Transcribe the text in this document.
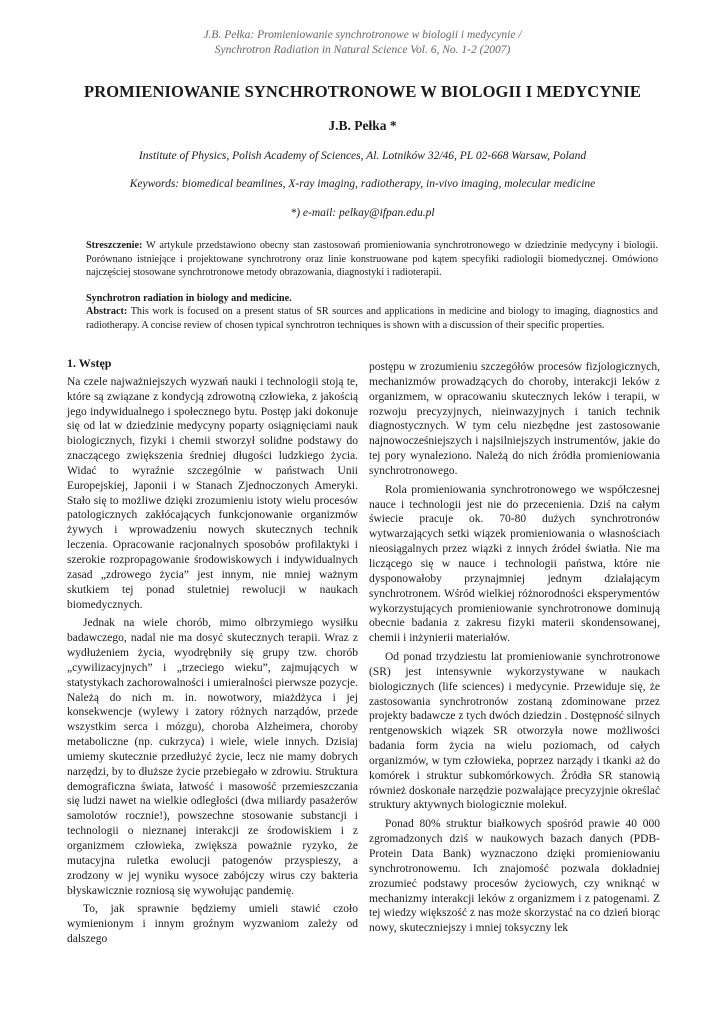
J.B. Pełka: Promieniowanie synchrotronowe w biologii i medycynie /
Synchrotron Radiation in Natural Science Vol. 6, No. 1-2 (2007)
PROMIENIOWANIE SYNCHROTRONOWE W BIOLOGII I MEDYCYNIE
J.B. Pełka *
Institute of Physics, Polish Academy of Sciences, Al. Lotników 32/46, PL 02-668 Warsaw, Poland
Keywords: biomedical beamlines, X-ray imaging, radiotherapy, in-vivo imaging, molecular medicine
*) e-mail: pelkay@ifpan.edu.pl
Streszczenie: W artykule przedstawiono obecny stan zastosowań promieniowania synchrotronowego w dziedzinie medycyny i biologii. Porównano istniejące i projektowane synchrotrony oraz linie konstruowane pod kątem specyfiki radiologii biomedycznej. Omówiono najczęściej stosowane synchrotronowe metody obrazowania, diagnostyki i radioterapii.
Synchrotron radiation in biology and medicine.
Abstract: This work is focused on a present status of SR sources and applications in medicine and biology to imaging, diagnostics and radiotherapy. A concise review of chosen typical synchrotron techniques is shown with a discussion of their specific properties.
1. Wstęp

Na czele najważniejszych wyzwań nauki i technologii stoją te, które są związane z kondycją zdrowotną człowieka, z jakością jego indywidualnego i społecznego bytu. Postęp jaki dokonuje się od lat w dziedzinie medycyny poparty osiągnięciami nauk biologicznych, fizyki i chemii stworzył solidne podstawy do znaczącego zwiększenia średniej długości ludzkiego życia. Widać to wyraźnie szczególnie w państwach Unii Europejskiej, Japonii i w Stanach Zjednoczonych Ameryki. Stało się to możliwe dzięki zrozumieniu istoty wielu procesów patologicznych zakłócających funkcjonowanie organizmów żywych i wprowadzeniu nowych skutecznych technik leczenia. Opracowanie racjonalnych sposobów profilaktyki i szerokie rozpropagowanie środowiskowych i indywidualnych zasad „zdrowego życia” jest innym, nie mniej ważnym skutkiem tej ponad stuletniej rewolucji w naukach biomedycznych.

Jednak na wiele chorób, mimo olbrzymiego wysiłku badawczego, nadal nie ma dosyć skutecznych terapii. Wraz z wydłużeniem życia, wyodrębniły się grupy tzw. chorób „cywilizacyjnych” i „trzeciego wieku”, zajmujących w statystykach zachorowalności i umieralności pierwsze pozycje. Należą do nich m. in. nowotwory, miażdżyca i jej konsekwencje (wylewy i zatory różnych narządów, przede wszystkim serca i mózgu), choroba Alzheimera, choroby metaboliczne (np. cukrzyca) i wiele, wiele innych. Dzisiaj umiemy skutecznie przedłużyć życie, lecz nie mamy dobrych narzędzi, by to dłuższe życie przebiegało w zdrowiu. Struktura demograficzna świata, łatwość i masowość przemieszczania się ludzi nawet na wielkie odległości (dwa miliardy pasażerów samolotów rocznie!), powszechne stosowanie substancji i technologii o nieznanej interakcji ze środowiskiem i z organizmem człowieka, zwiększa poważnie ryzyko, że mutacyjna ruletka ewolucji patogenów przyspieszy, a zrodzony w jej wyniku wysoce zabójczy wirus czy bakteria błyskawicznie rozniosą się wywołując pandemię.

To, jak sprawnie będziemy umieli stawić czoło wymienionym i innym groźnym wyzwaniom zależy od dalszego

postępu w zrozumieniu szczegółów procesów fizjologicznych, mechanizmów prowadzących do choroby, interakcji leków z organizmem, w opracowaniu skutecznych leków i terapii, w rozwoju precyzyjnych, nieinwazyjnych i tanich technik diagnostycznych. W tym celu niezbędne jest zastosowanie najnowocześniejszych i najsilniejszych instrumentów, jakie do tej pory wynaleziono. Należą do nich źródła promieniowania synchrotronowego.

Rola promieniowania synchrotronowego we współczesnej nauce i technologii jest nie do przecenienia. Dziś na całym świecie pracuje ok. 70-80 dużych synchrotronów wytwarzających setki wiązek promieniowania o własnościach nieosiągalnych przez wiązki z innych źródeł światła. Nie ma liczącego się w nauce i technologii państwa, które nie dysponowałoby przynajmniej jednym działającym synchrotronem. Wśród wielkiej różnorodności eksperymentów wykorzystujących promieniowanie synchrotronowe dominują obecnie badania z zakresu fizyki materii skondensowanej, chemii i inżynierii materiałów.

Od ponad trzydziestu lat promieniowanie synchrotronowe (SR) jest intensywnie wykorzystywane w naukach biologicznych (life sciences) i medycynie. Przewiduje się, że zastosowania synchrotronów zostaną zdominowane przez projekty badawcze z tych dwóch dziedzin . Dostępność silnych rentgenowskich wiązek SR otworzyła nowe możliwości badania form życia na wielu poziomach, od całych organizmów, w tym człowieka, poprzez narządy i tkanki aż do komórek i struktur subkomórkowych. Źródła SR stanowią również doskonałe narzędzie pozwalające precyzyjnie określać struktury aktywnych biologicznie molekuł.

Ponad 80% struktur białkowych spośród prawie 40 000 zgromadzonych dziś w naukowych bazach danych (PDB-Protein Data Bank) wyznaczono dzięki promieniowaniu synchrotronowemu. Ich znajomość pozwala dokładniej zrozumieć podstawy procesów życiowych, czy wniknąć w mechanizmy interakcji leków z organizmem i z patogenami. Z tej wiedzy większość z nas może skorzystać na co dzień biorąc nowy, skuteczniejszy i mniej toksyczny lek
